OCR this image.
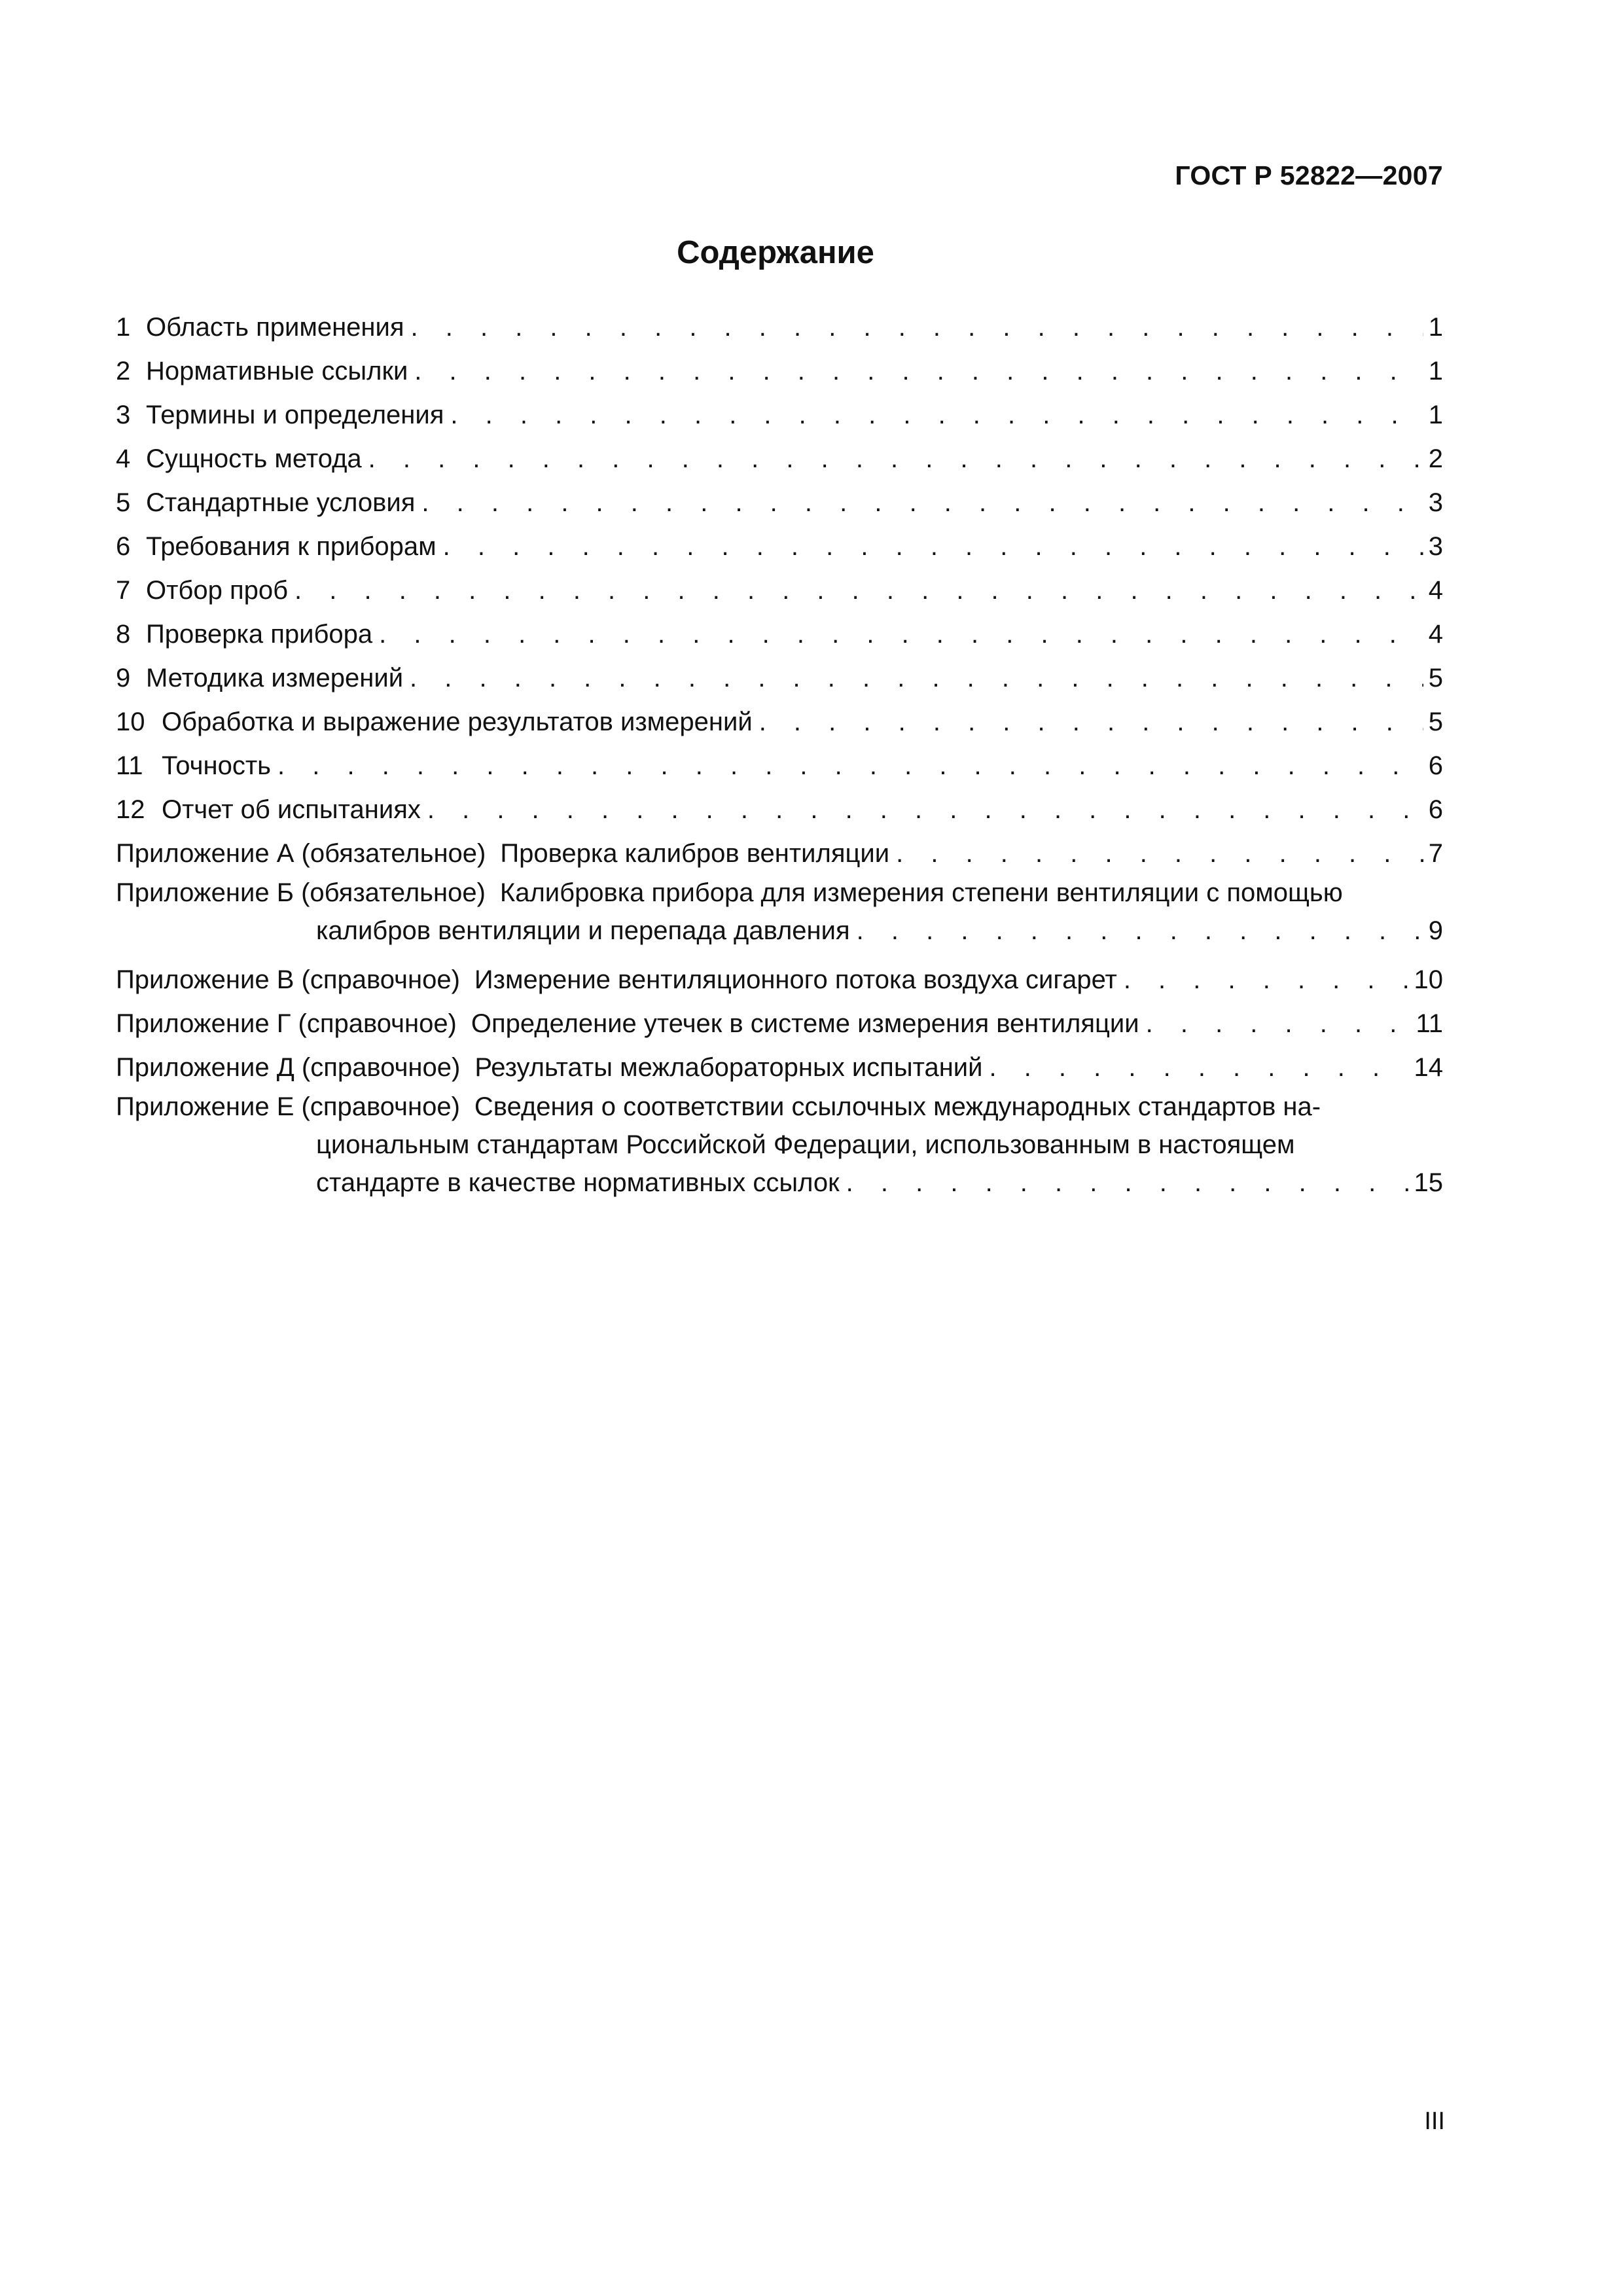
ГОСТ Р 52822—2007
Содержание
1 Область применения . . .	1
2 Нормативные ссылки . . .	1
3 Термины и определения . . .	1
4 Сущность метода . . .	2
5 Стандартные условия . . .	3
6 Требования к приборам . . .	3
7 Отбор проб . . .	4
8 Проверка прибора . . .	4
9 Методика измерений . . .	5
10 Обработка и выражение результатов измерений . . .	5
11 Точность . . .	6
12 Отчет об испытаниях . . .	6
Приложение А (обязательное) Проверка калибров вентиляции . . .	7
Приложение Б (обязательное) Калибровка прибора для измерения степени вентиляции с помощью
калибров вентиляции и перепада давления . . .	9
Приложение В (справочное) Измерение вентиляционного потока воздуха сигарет . . .	10
Приложение Г (справочное) Определение утечек в системе измерения вентиляции . . .	11
Приложение Д (справочное) Результаты межлабораторных испытаний . . .	14
Приложение Е (справочное) Сведения о соответствии ссылочных международных стандартов на-
циональным стандартам Российской Федерации, использованным в настоящем
стандарте в качестве нормативных ссылок . . .	15
III
